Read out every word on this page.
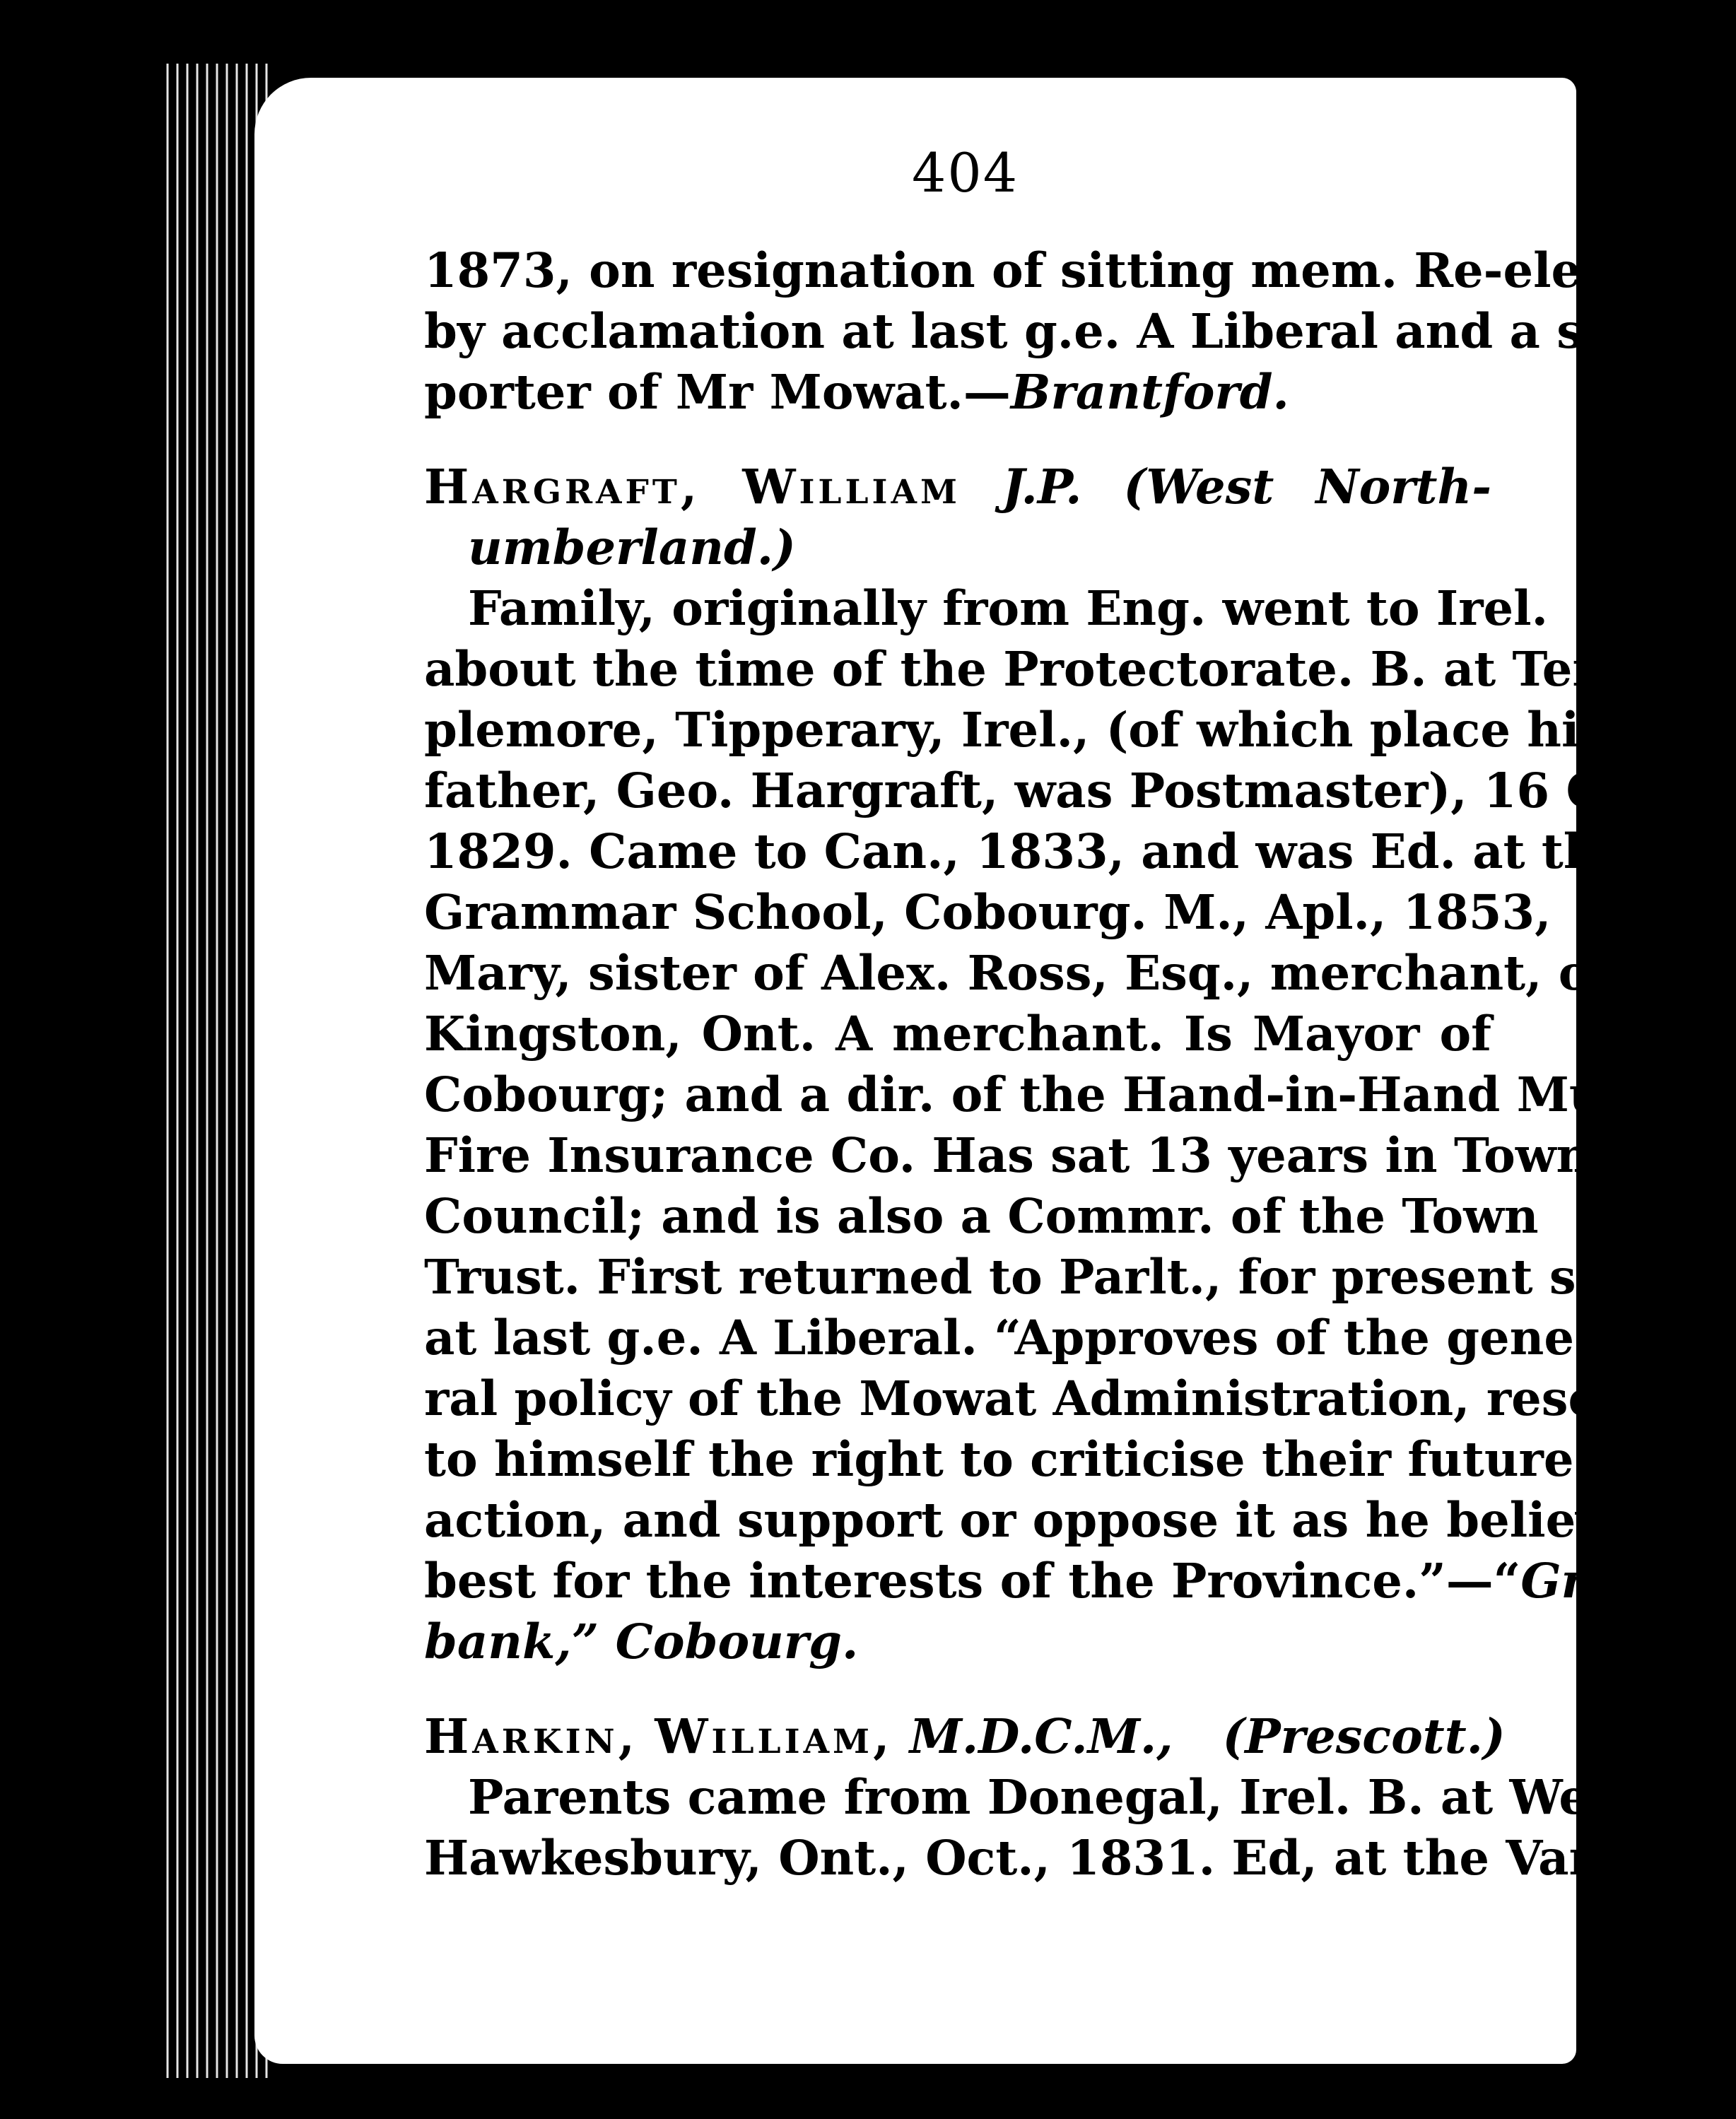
404
1873, on resignation of sitting mem. Re-elected
by acclamation at last g.e. A Liberal and a sup-
porter of Mr Mowat.—Brantford.
Hargraft, William J.P. (West North-
umberland.)
Family, originally from Eng. went to Irel.
about the time of the Protectorate. B. at Tem-
plemore, Tipperary, Irel., (of which place his
father, Geo. Hargraft, was Postmaster), 16 Oct.,
1829. Came to Can., 1833, and was Ed. at the
Grammar School, Cobourg. M., Apl., 1853,
Mary, sister of Alex. Ross, Esq., merchant, of
Kingston, Ont. A merchant. Is Mayor of
Cobourg; and a dir. of the Hand-in-Hand Mutual
Fire Insurance Co. Has sat 13 years in Town
Council; and is also a Commr. of the Town
Trust. First returned to Parlt., for present seat
at last g.e. A Liberal. “Approves of the gene-
ral policy of the Mowat Administration, reserving
to himself the right to criticise their future
action, and support or oppose it as he believes
best for the interests of the Province.”—“Green-
bank,” Cobourg.
Harkin, William, M.D.C.M., (Prescott.)
Parents came from Donegal, Irel. B. at West
Hawkesbury, Ont., Oct., 1831. Ed, at the Van-
